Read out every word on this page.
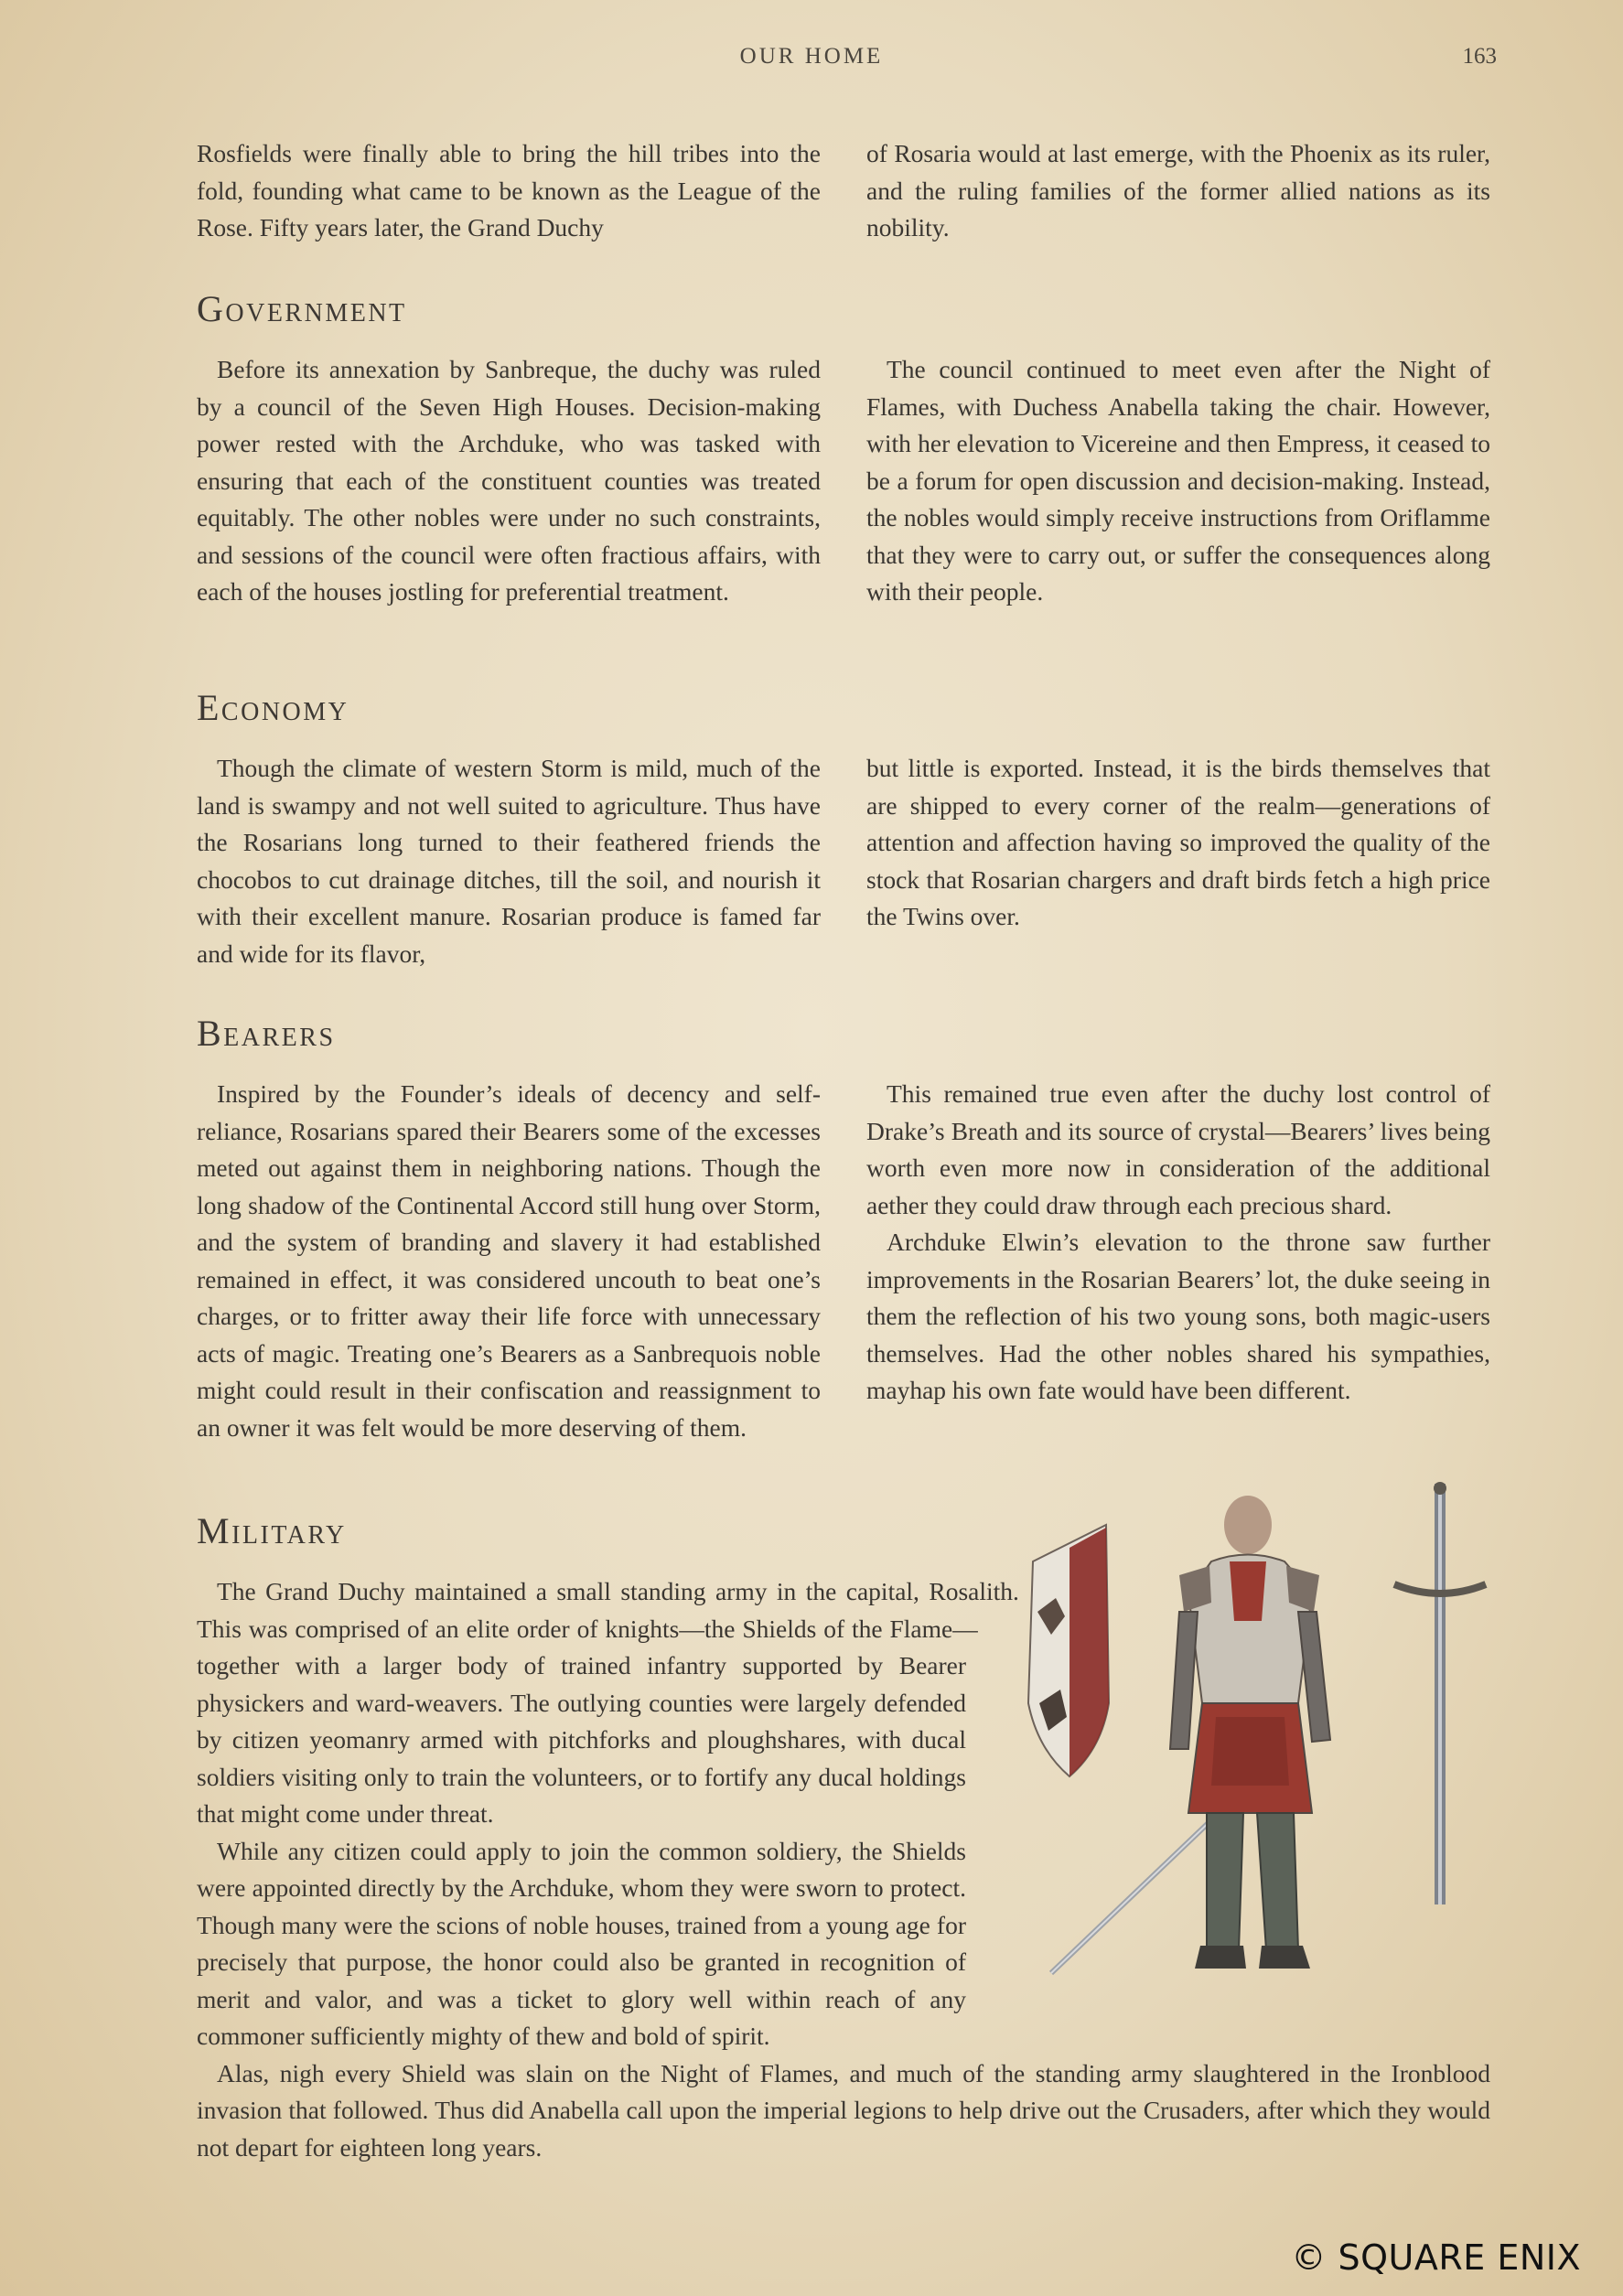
OUR HOME	163

Rosfields were finally able to bring the hill tribes into the fold, founding what came to be known as the League of the Rose. Fifty years later, the Grand Duchy

of Rosaria would at last emerge, with the Phoenix as its ruler, and the ruling families of the former allied nations as its nobility.

Government

Before its annexation by Sanbreque, the duchy was ruled by a council of the Seven High Houses. Decision-making power rested with the Archduke, who was tasked with ensuring that each of the constituent counties was treated equitably. The other nobles were under no such constraints, and sessions of the council were often fractious affairs, with each of the houses jostling for preferential treatment.

The council continued to meet even after the Night of Flames, with Duchess Anabella taking the chair. However, with her elevation to Vicereine and then Empress, it ceased to be a forum for open discussion and decision-making. Instead, the nobles would simply receive instructions from Oriflamme that they were to carry out, or suffer the consequences along with their people.

Economy

Though the climate of western Storm is mild, much of the land is swampy and not well suited to agriculture. Thus have the Rosarians long turned to their feathered friends the chocobos to cut drainage ditches, till the soil, and nourish it with their excellent manure. Rosarian produce is famed far and wide for its flavor,

but little is exported. Instead, it is the birds themselves that are shipped to every corner of the realm—generations of attention and affection having so improved the quality of the stock that Rosarian chargers and draft birds fetch a high price the Twins over.

Bearers

Inspired by the Founder’s ideals of decency and self-reliance, Rosarians spared their Bearers some of the excesses meted out against them in neighboring nations. Though the long shadow of the Continental Accord still hung over Storm, and the system of branding and slavery it had established remained in effect, it was considered uncouth to beat one’s charges, or to fritter away their life force with unnecessary acts of magic. Treating one’s Bearers as a Sanbrequois noble might could result in their confiscation and reassignment to an owner it was felt would be more deserving of them.

This remained true even after the duchy lost control of Drake’s Breath and its source of crystal—Bearers’ lives being worth even more now in consideration of the additional aether they could draw through each precious shard.

Archduke Elwin’s elevation to the throne saw further improvements in the Rosarian Bearers’ lot, the duke seeing in them the reflection of his two young sons, both magic-users themselves. Had the other nobles shared his sympathies, mayhap his own fate would have been different.

Military

The Grand Duchy maintained a small standing army in the capital, Rosalith. This was comprised of an elite order of knights—the Shields of the Flame—together with a larger body of trained infantry supported by Bearer physickers and ward-weavers. The outlying counties were largely defended by citizen yeomanry armed with pitchforks and ploughshares, with ducal soldiers visiting only to train the volunteers, or to fortify any ducal holdings that might come under threat.

While any citizen could apply to join the common soldiery, the Shields were appointed directly by the Archduke, whom they were sworn to protect. Though many were the scions of noble houses, trained from a young age for precisely that purpose, the honor could also be granted in recognition of merit and valor, and was a ticket to glory well within reach of any commoner sufficiently mighty of thew and bold of spirit.

Alas, nigh every Shield was slain on the Night of Flames, and much of the standing army slaughtered in the Ironblood invasion that followed. Thus did Anabella call upon the imperial legions to help drive out the Crusaders, after which they would not depart for eighteen long years.

© SQUARE ENIX
